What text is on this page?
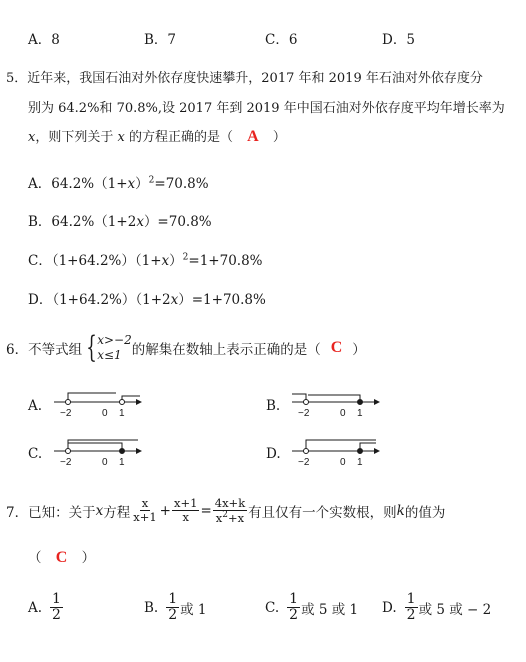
A．8	B．7	C．6	D．5
5．近年来，我国石油对外依存度快速攀升，2017 年和 2019 年石油对外依存度分
别为 64.2%和 70.8%,设 2017 年到 2019 年中国石油对外依存度平均年增长率为
x，则下列关于 x 的方程正确的是（ A ）
A．$64.2\%(1+x)^2=70.8\%$
B．64.2%（1+2x）=70.8%
C．$(1+64.2\%)(1+x)^2=1+70.8\%$
D．（1+64.2%）（1+2x）=1+70.8%
6． 不等式组 { x>−2
x≤1 的解集在数轴上表示正确的是（ C ）
A. −2	0 1	B. −2	0 1
C.
−2	0 1
D.
−2	0 1
7． 已知：关于 x 方程 $\frac{x}{x+1} + \frac{x+1}{x} = \frac{4x+k}{x^2+x}$ 有且仅有一个实数根，则 k 的值为
（ C ）
A. $\frac{1}{2}$	B. $\frac{1}{2}$ 或 1	C. $\frac{1}{2}$ 或 5 或 1 D. $\frac{1}{2}$ 或 5 或 − 2
